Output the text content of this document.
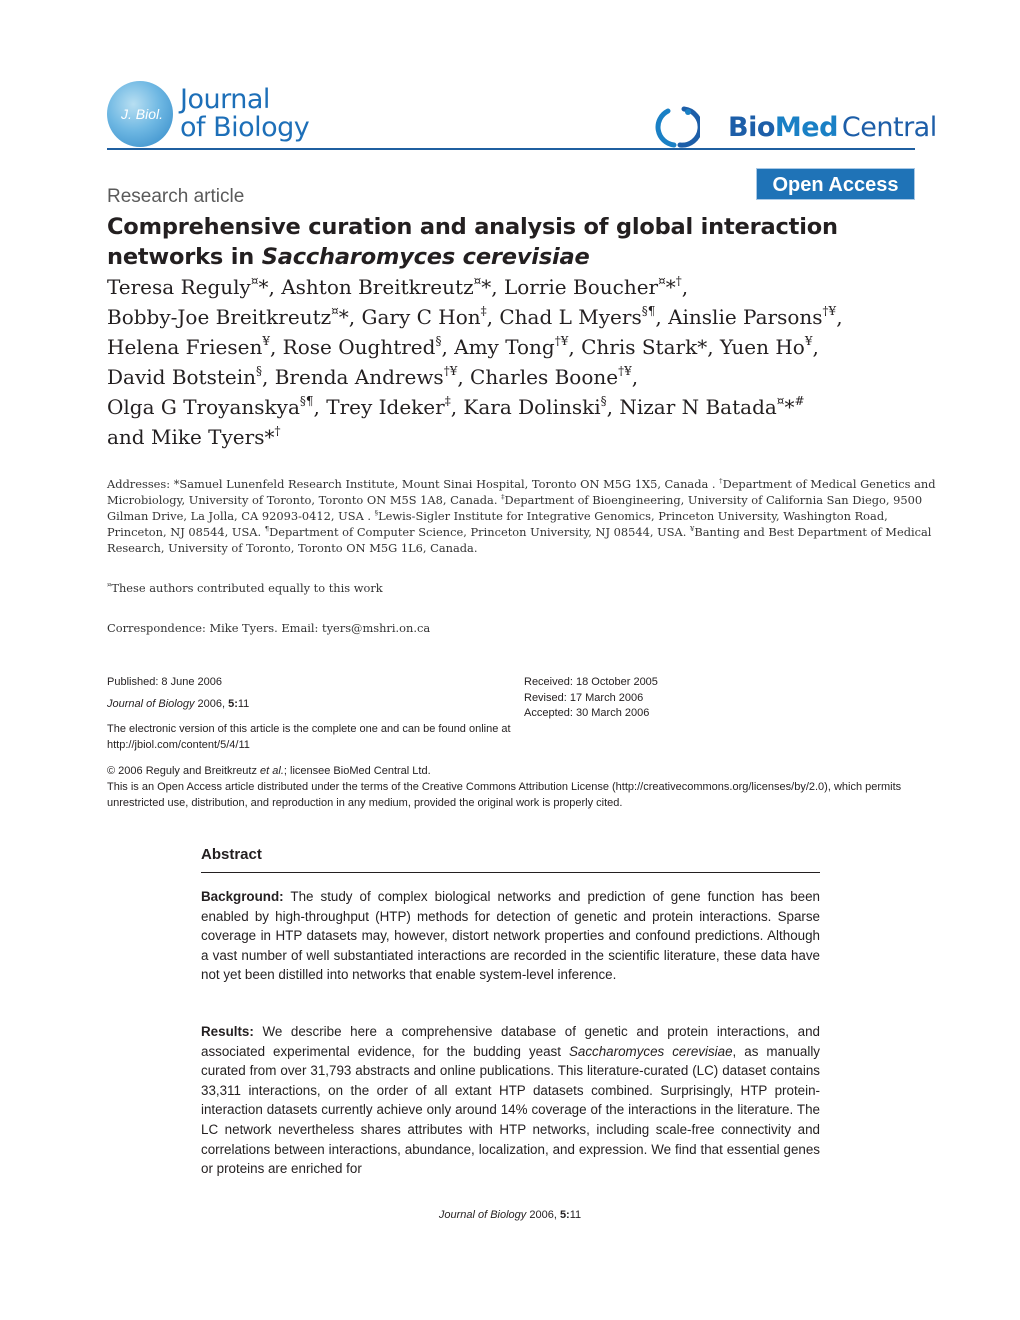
J. Biol. Journal
of Biology	BioMed Central
Open Access
Research article
Comprehensive curation and analysis of global interaction networks in Saccharomyces cerevisiae
Teresa Reguly¤*, Ashton Breitkreutz¤*, Lorrie Boucher¤*†,
Bobby-Joe Breitkreutz¤*, Gary C Hon‡, Chad L Myers§¶, Ainslie Parsons†¥,
Helena Friesen¥, Rose Oughtred§, Amy Tong†¥, Chris Stark*, Yuen Ho¥,
David Botstein§, Brenda Andrews†¥, Charles Boone†¥,
Olga G Troyanskya§¶, Trey Ideker‡, Kara Dolinski§, Nizar N Batada¤*#
and Mike Tyers*†
Addresses: *Samuel Lunenfeld Research Institute, Mount Sinai Hospital, Toronto ON M5G 1X5, Canada . †Department of Medical Genetics and Microbiology, University of Toronto, Toronto ON M5S 1A8, Canada. ‡Department of Bioengineering, University of California San Diego, 9500 Gilman Drive, La Jolla, CA 92093-0412, USA . §Lewis-Sigler Institute for Integrative Genomics, Princeton University, Washington Road, Princeton, NJ 08544, USA. ¶Department of Computer Science, Princeton University, NJ 08544, USA. ¥Banting and Best Department of Medical Research, University of Toronto, Toronto ON M5G 1L6, Canada.
¤These authors contributed equally to this work
Correspondence: Mike Tyers. Email: tyers@mshri.on.ca
Published: 8 June 2006
Journal of Biology 2006, 5:11
The electronic version of this article is the complete one and can be found online at http://jbiol.com/content/5/4/11
Received: 18 October 2005
Revised: 17 March 2006
Accepted: 30 March 2006
© 2006 Reguly and Breitkreutz et al.; licensee BioMed Central Ltd.
This is an Open Access article distributed under the terms of the Creative Commons Attribution License (http://creativecommons.org/licenses/by/2.0), which permits unrestricted use, distribution, and reproduction in any medium, provided the original work is properly cited.
Abstract
Background: The study of complex biological networks and prediction of gene function has been enabled by high-throughput (HTP) methods for detection of genetic and protein interactions. Sparse coverage in HTP datasets may, however, distort network properties and confound predictions. Although a vast number of well substantiated interactions are recorded in the scientific literature, these data have not yet been distilled into networks that enable system-level inference.
Results: We describe here a comprehensive database of genetic and protein interactions, and associated experimental evidence, for the budding yeast Saccharomyces cerevisiae, as manually curated from over 31,793 abstracts and online publications. This literature-curated (LC) dataset contains 33,311 interactions, on the order of all extant HTP datasets combined. Surprisingly, HTP protein-interaction datasets currently achieve only around 14% coverage of the interactions in the literature. The LC network nevertheless shares attributes with HTP networks, including scale-free connectivity and correlations between interactions, abundance, localization, and expression. We find that essential genes or proteins are enriched for
Journal of Biology 2006, 5:11
